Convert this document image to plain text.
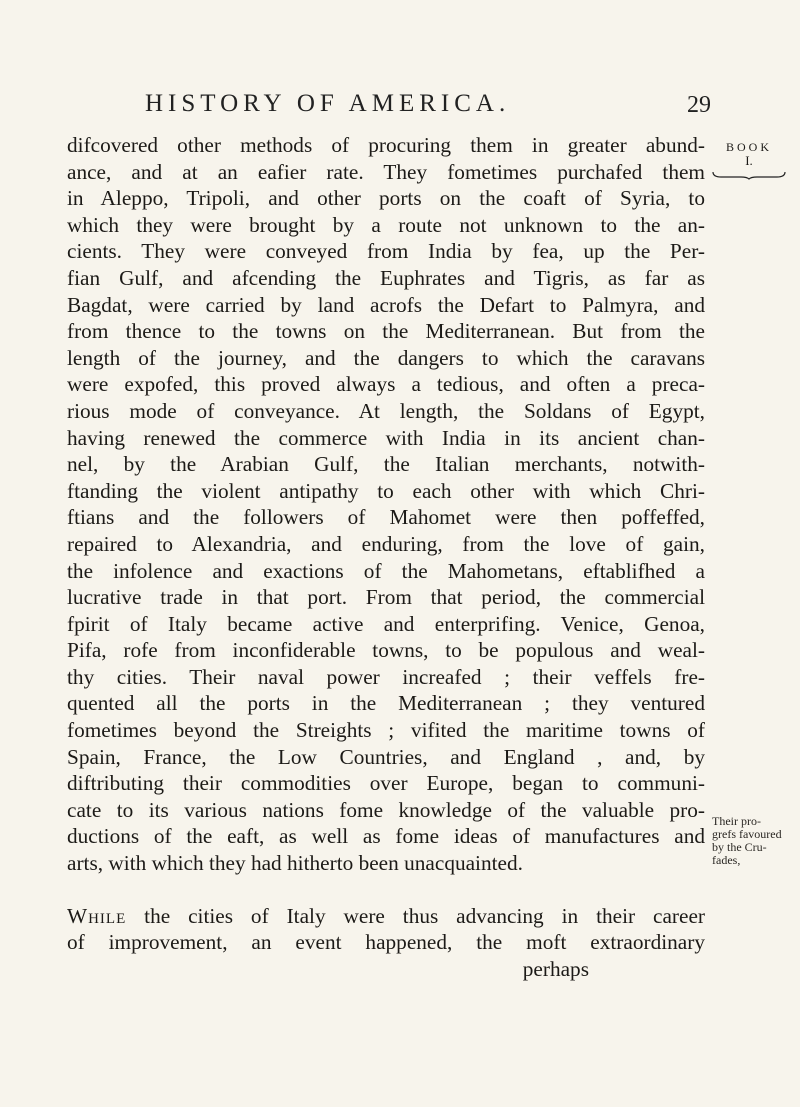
HISTORY OF AMERICA.	29
BOOK
I.
difcovered other methods of procuring them in greater abund-
ance, and at an eafier rate. They fometimes purchafed them
in Aleppo, Tripoli, and other ports on the coaft of Syria, to
which they were brought by a route not unknown to the an-
cients. They were conveyed from India by fea, up the Per-
fian Gulf, and afcending the Euphrates and Tigris, as far as
Bagdat, were carried by land acrofs the Defart to Palmyra, and
from thence to the towns on the Mediterranean. But from the
length of the journey, and the dangers to which the caravans
were expofed, this proved always a tedious, and often a preca-
rious mode of conveyance. At length, the Soldans of Egypt,
having renewed the commerce with India in its ancient chan-
nel, by the Arabian Gulf, the Italian merchants, notwith-
ftanding the violent antipathy to each other with which Chri-
ftians and the followers of Mahomet were then poffeffed,
repaired to Alexandria, and enduring, from the love of gain,
the infolence and exactions of the Mahometans, eftablifhed a
lucrative trade in that port. From that period, the commercial
fpirit of Italy became active and enterprifing. Venice, Genoa,
Pifa, rofe from inconfiderable towns, to be populous and weal-
thy cities. Their naval power increafed ; their veffels fre-
quented all the ports in the Mediterranean ; they ventured
fometimes beyond the Streights ; vifited the maritime towns of
Spain, France, the Low Countries, and England , and, by
diftributing their commodities over Europe, began to communi-
cate to its various nations fome knowledge of the valuable pro-
ductions of the eaft, as well as fome ideas of manufactures and
arts, with which they had hitherto been unacquainted.
While the cities of Italy were thus advancing in their career
of improvement, an event happened, the moft extraordinary
perhaps
Their pro-
grefs favoured
by the Cru-
fades,
